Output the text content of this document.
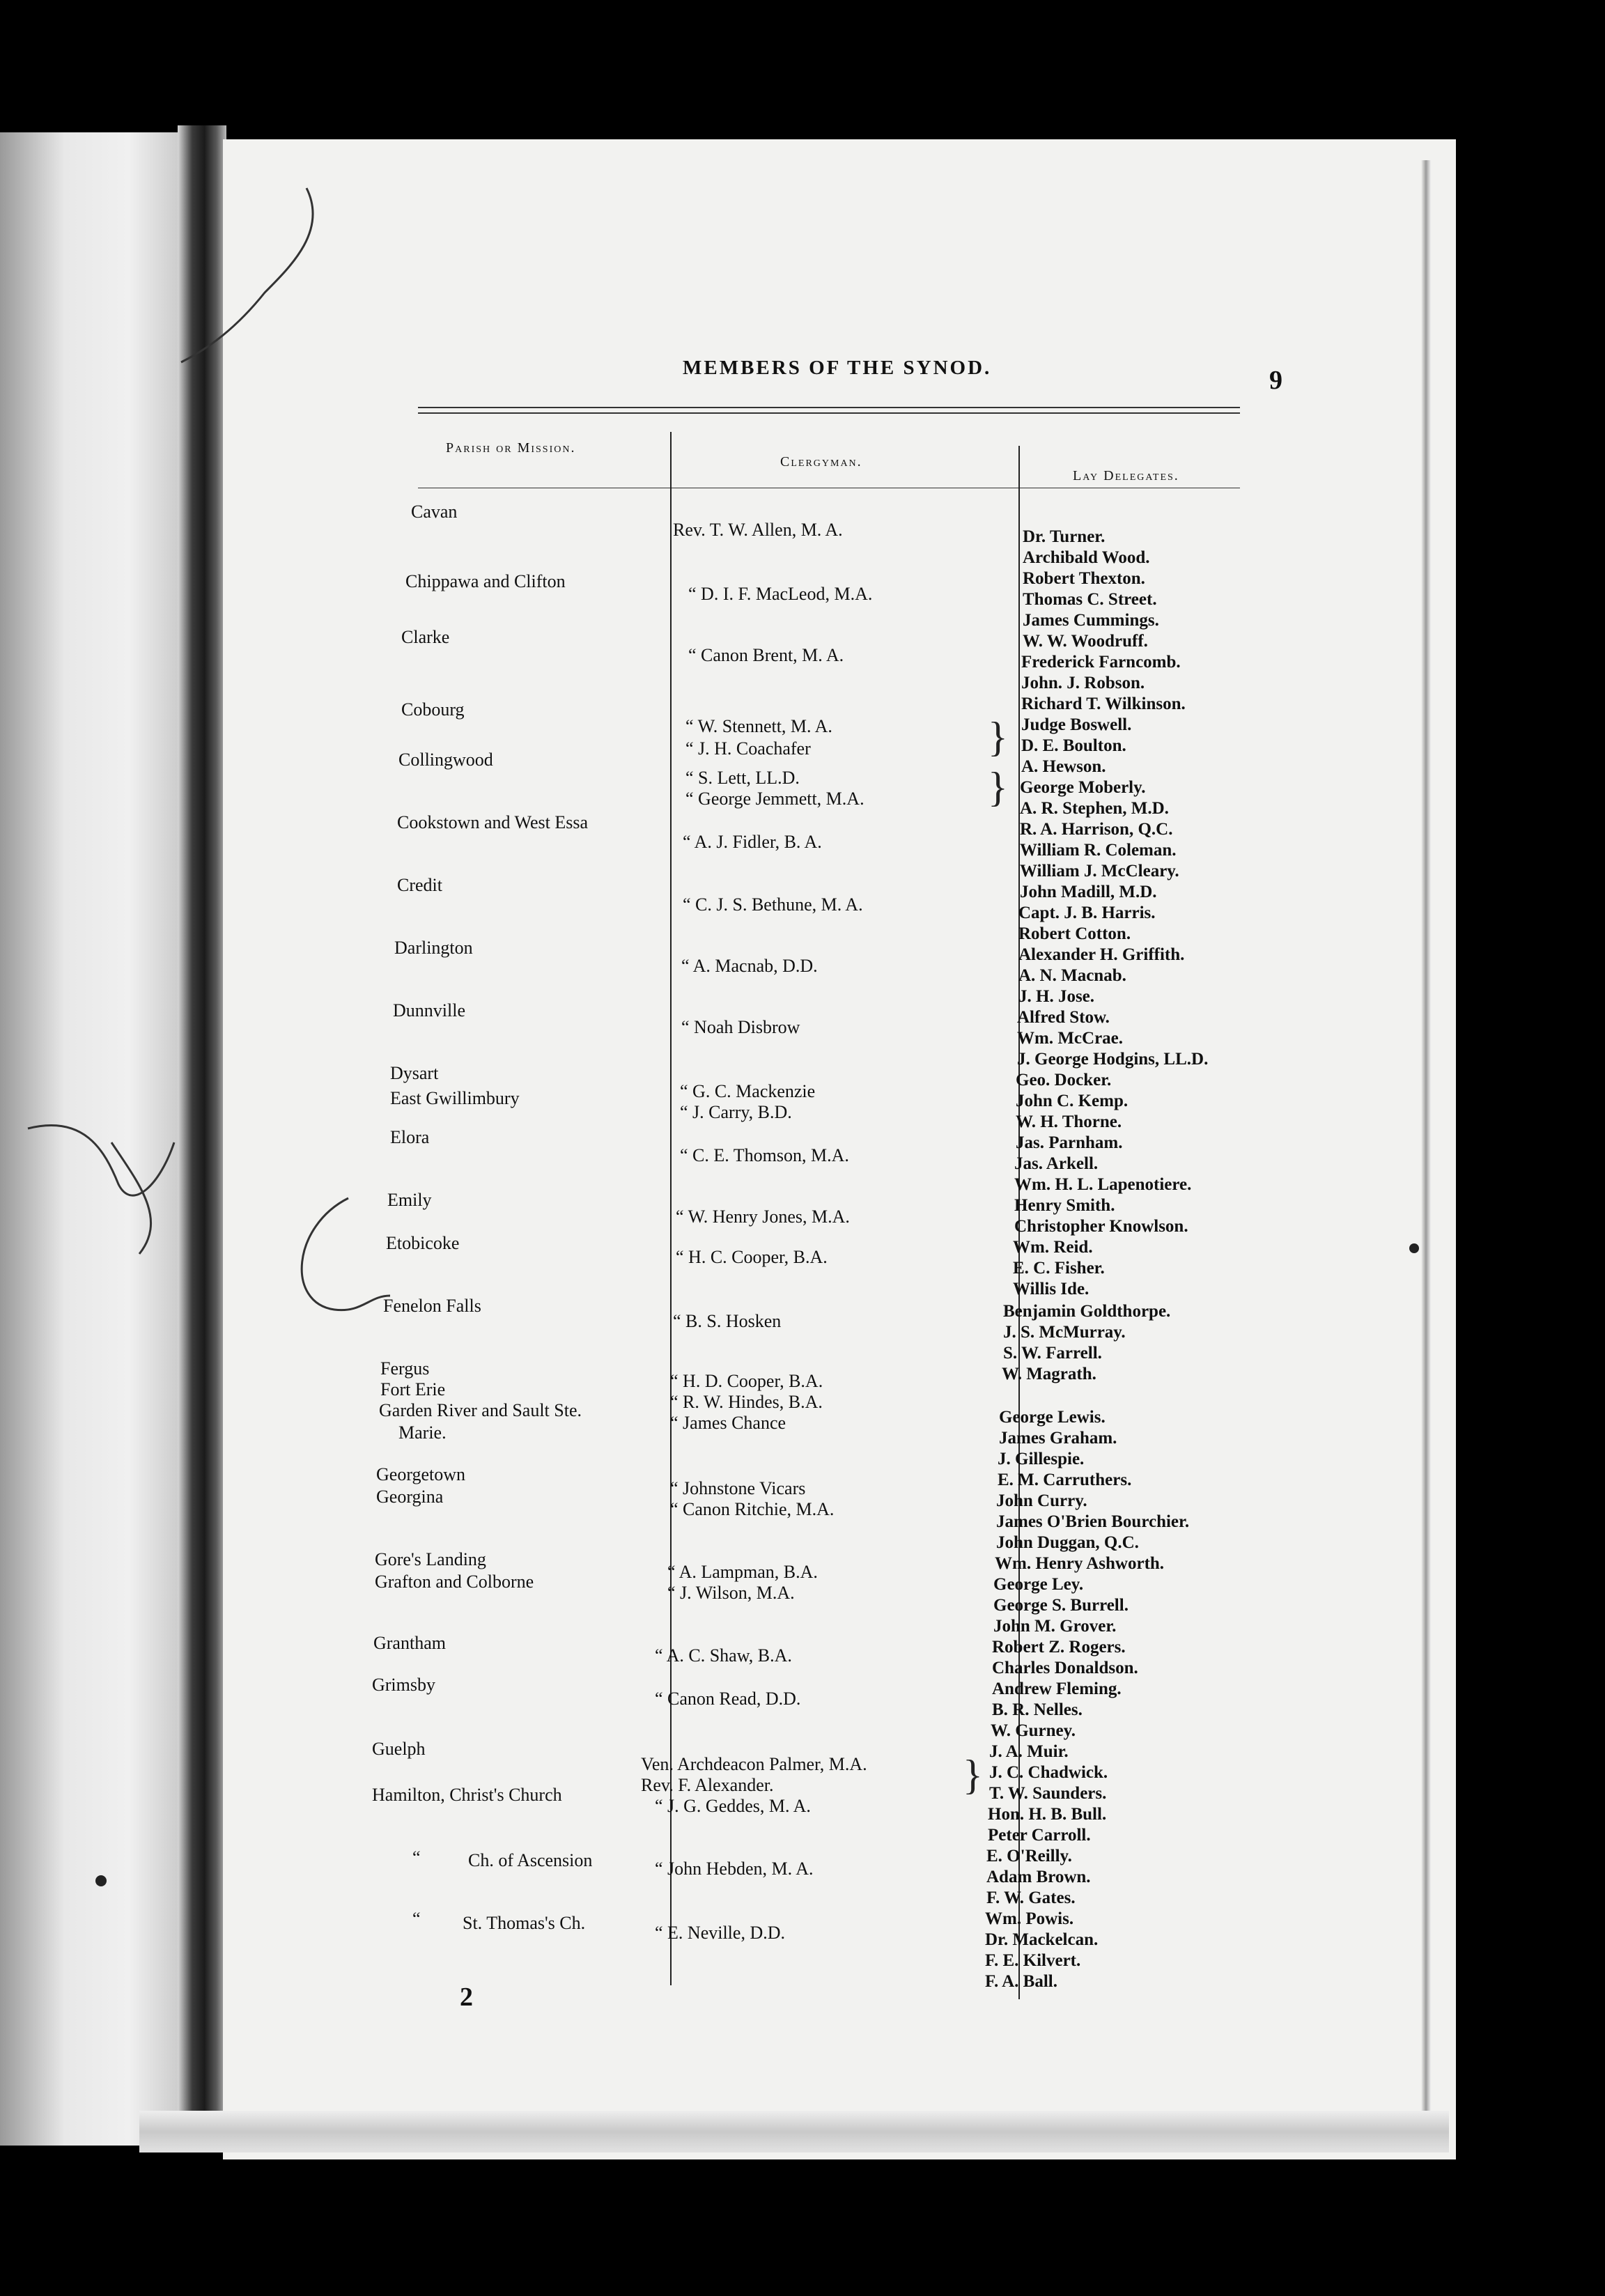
MEMBERS OF THE SYNOD.	9
Parish or Mission.
Clergyman.
Lay Delegates.
Cavan
Chippawa and Clifton
Clarke
Cobourg
Collingwood
Cookstown and West Essa
Credit
Darlington
Dunnville
Dysart
East Gwillimbury
Elora
Emily
Etobicoke
Fenelon Falls
Fergus
Fort Erie
Garden River and Sault Ste.
Marie.
Georgetown
Georgina
Gore's Landing
Grafton and Colborne
Grantham
Grimsby
Guelph
Hamilton, Christ's Church
“	Ch. of Ascension
“ St. Thomas's Ch.
Rev. T. W. Allen, M. A.
“ D. I. F. MacLeod, M.A.
“ Canon Brent, M. A.
“ W. Stennett, M. A.
“ J. H. Coachafer
“ S. Lett, LL.D.
“ George Jemmett, M.A.
“ A. J. Fidler, B. A.
“ C. J. S. Bethune, M. A.
“ A. Macnab, D.D.
“ Noah Disbrow
“ G. C. Mackenzie
“ J. Carry, B.D.
“ C. E. Thomson, M.A.
“ W. Henry Jones, M.A.
“ H. C. Cooper, B.A.
“ B. S. Hosken
“ H. D. Cooper, B.A.
“ R. W. Hindes, B.A.
“ James Chance
“ Johnstone Vicars
“ Canon Ritchie, M.A.
“ A. Lampman, B.A.
“ J. Wilson, M.A.
“ A. C. Shaw, B.A.
“ Canon Read, D.D.
Ven. Archdeacon Palmer, M.A.
Rev. F. Alexander.
“ J. G. Geddes, M. A.
“ John Hebden, M. A.
“ E. Neville, D.D.
}
}
}
Dr. Turner.
Archibald Wood.
Robert Thexton.
Thomas C. Street.
James Cummings.
W. W. Woodruff.
Frederick Farncomb.
John. J. Robson.
Richard T. Wilkinson.
Judge Boswell.
D. E. Boulton.
A. Hewson.
George Moberly.
A. R. Stephen, M.D.
R. A. Harrison, Q.C.
William R. Coleman.
William J. McCleary.
John Madill, M.D.
Capt. J. B. Harris.
Robert Cotton.
Alexander H. Griffith.
A. N. Macnab.
J. H. Jose.
Alfred Stow.
Wm. McCrae.
J. George Hodgins, LL.D.
Geo. Docker.
John C. Kemp.
W. H. Thorne.
Jas. Parnham.
Jas. Arkell.
Wm. H. L. Lapenotiere.
Henry Smith.
Christopher Knowlson.
Wm. Reid.
E. C. Fisher.
Willis Ide.
Benjamin Goldthorpe.
J. S. McMurray.
S. W. Farrell.
W. Magrath.
George Lewis.
James Graham.
J. Gillespie.
E. M. Carruthers.
John Curry.
James O'Brien Bourchier.
John Duggan, Q.C.
Wm. Henry Ashworth.
George Ley.
George S. Burrell.
John M. Grover.
Robert Z. Rogers.
Charles Donaldson.
Andrew Fleming.
B. R. Nelles.
W. Gurney.
J. A. Muir.
J. C. Chadwick.
T. W. Saunders.
Hon. H. B. Bull.
Peter Carroll.
E. O'Reilly.
Adam Brown.
F. W. Gates.
Wm. Powis.
Dr. Mackelcan.
F. E. Kilvert.
F. A. Ball.
2
